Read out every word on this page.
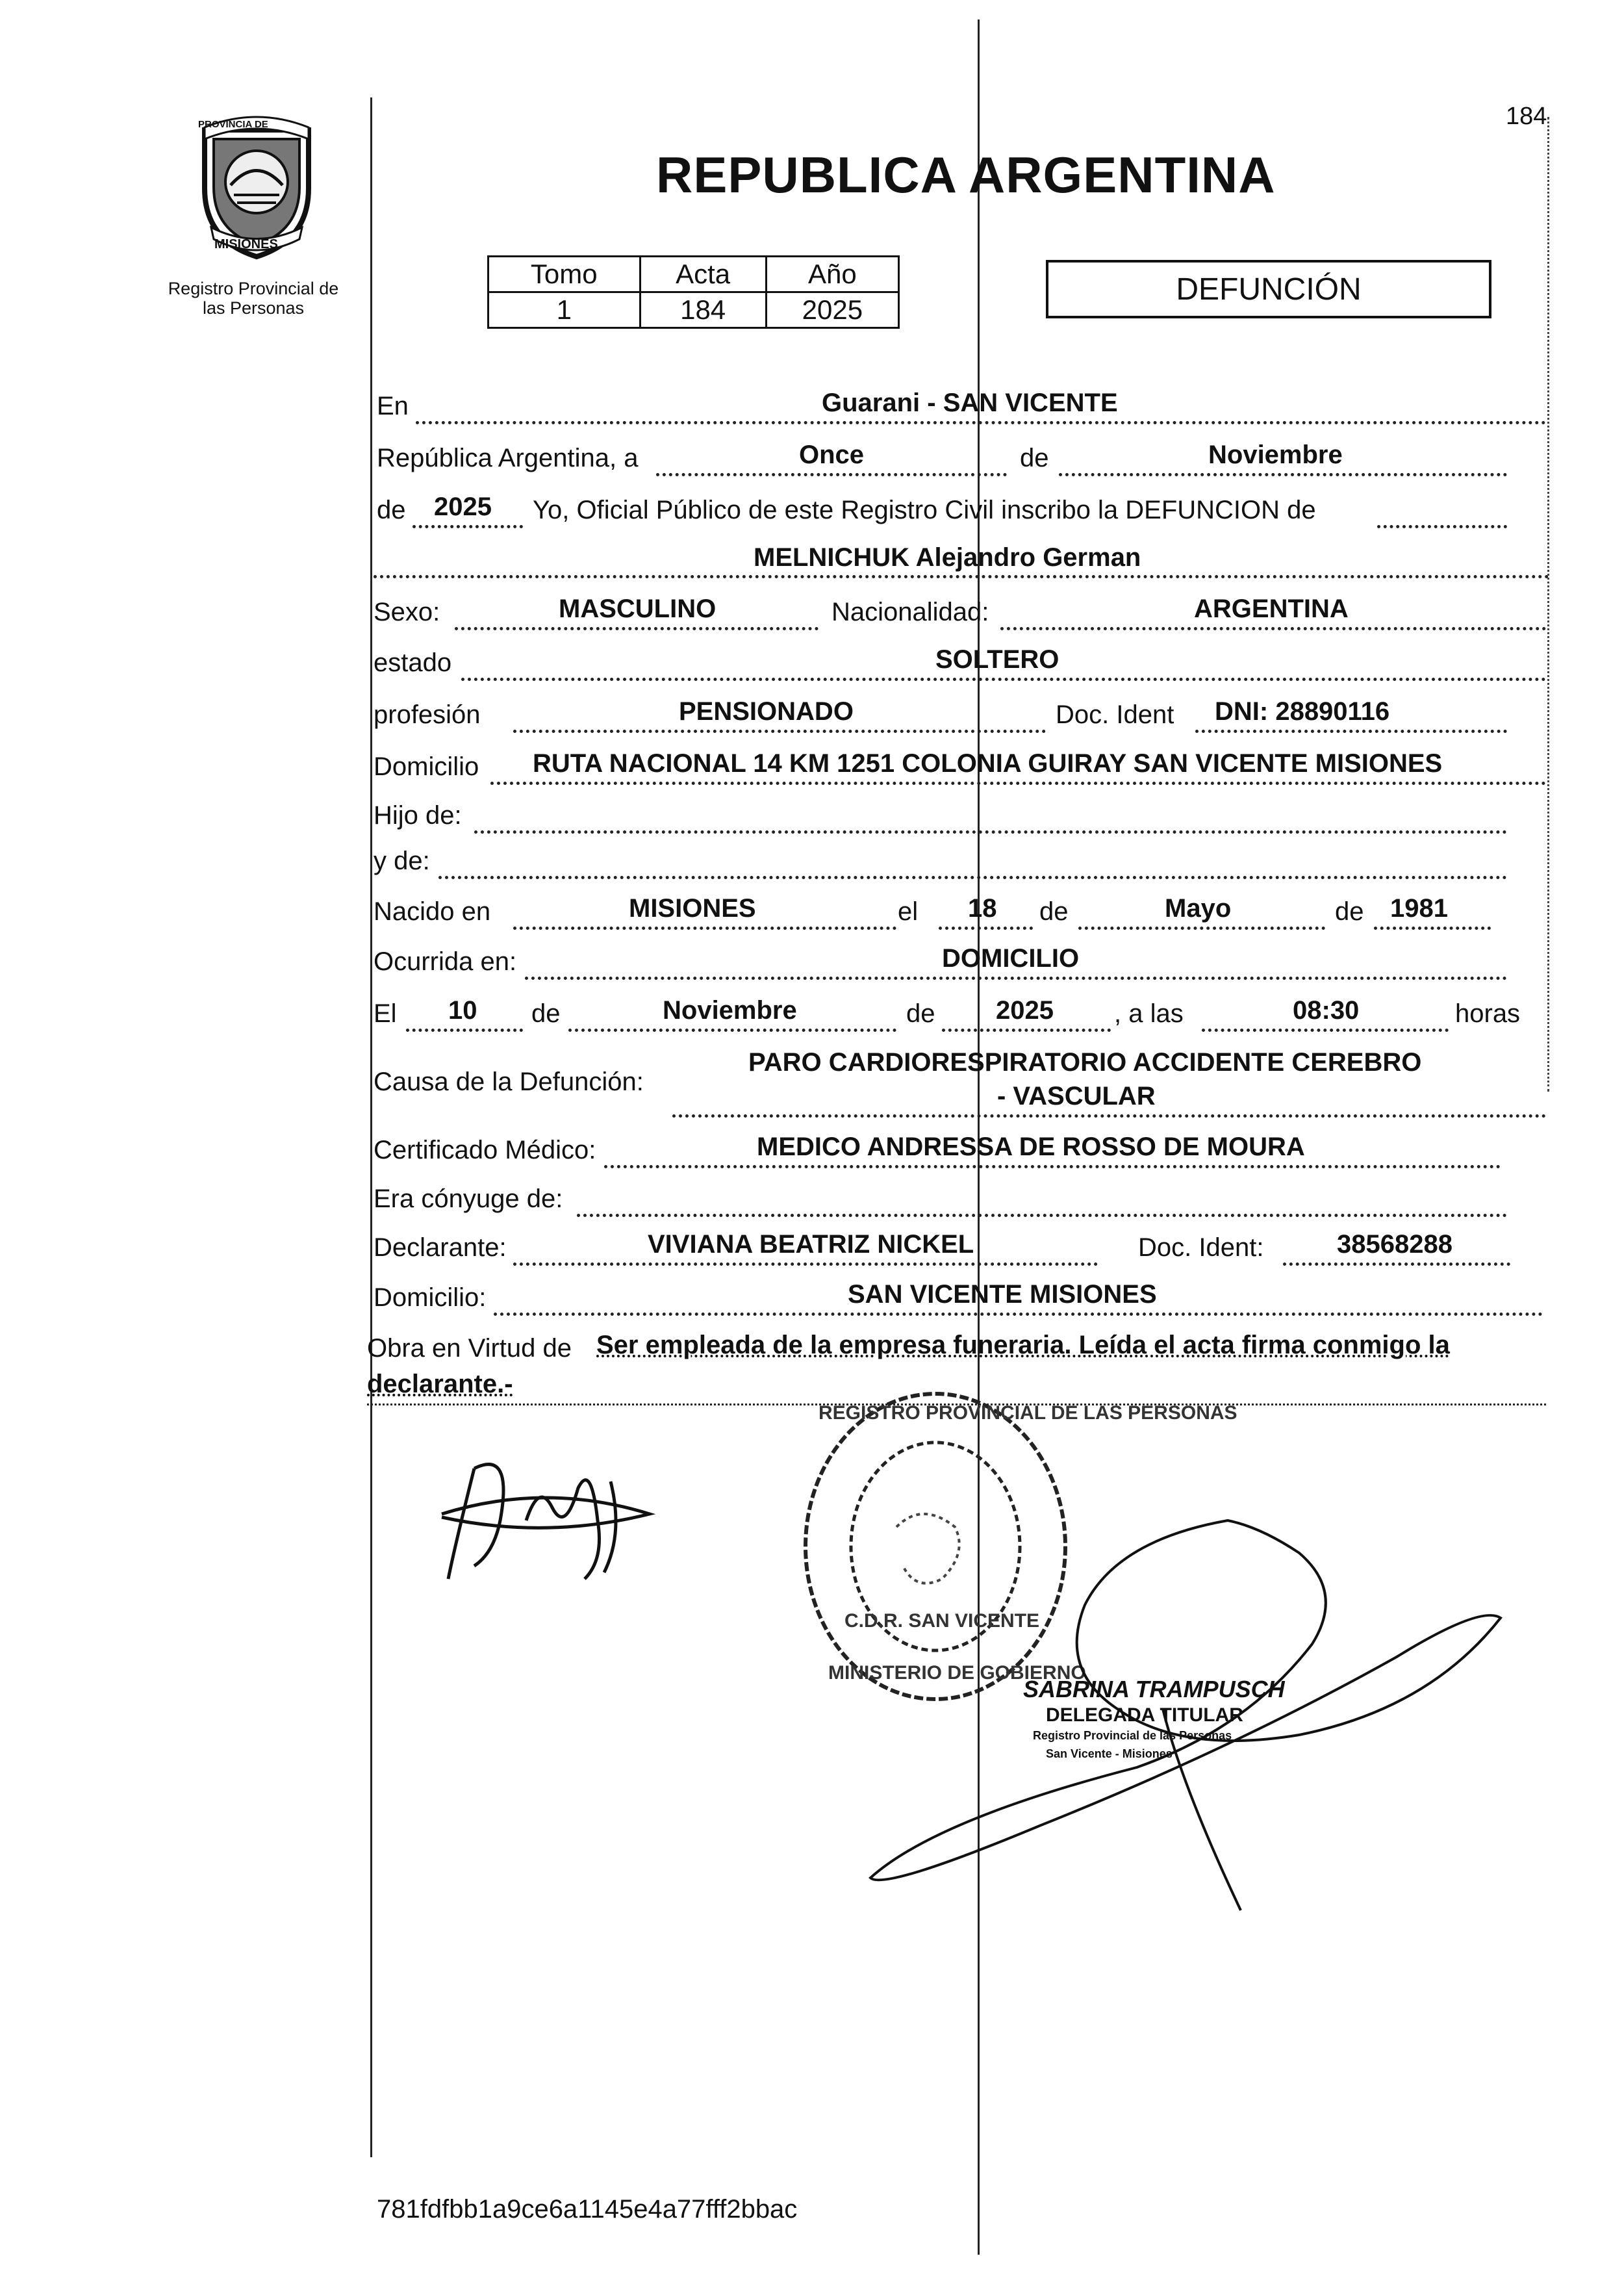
184
PROVINCIA DE
MISIONES
Registro Provincial de las Personas
REPUBLICA ARGENTINA
Tomo	Acta	Año
1	184	2025
DEFUNCIÓN
En	Guarani - SAN VICENTE
República Argentina, a	Once	de	Noviembre
de 2025 Yo, Oficial Público de este Registro Civil inscribo la DEFUNCION de
MELNICHUK Alejandro German
Sexo:	MASCULINO	Nacionalidad:	ARGENTINA
estado	SOLTERO
profesión	PENSIONADO	Doc. Ident DNI: 28890116
Domicilio RUTA NACIONAL 14 KM 1251 COLONIA GUIRAY SAN VICENTE MISIONES
Hijo de:
y de:
Nacido en	MISIONES	el 18 de	Mayo	de 1981
Ocurrida en:	DOMICILIO
El 10 de	Noviembre	de 2025 , a las	08:30	horas
Causa de la Defunción:
PARO CARDIORESPIRATORIO ACCIDENTE CEREBRO
- VASCULAR
Certificado Médico:	MEDICO ANDRESSA DE ROSSO DE MOURA
Era cónyuge de:
Declarante:	VIVIANA BEATRIZ NICKEL	Doc. Ident:	38568288
Domicilio:	SAN VICENTE MISIONES
Obra en Virtud de Ser empleada de la empresa funeraria. Leída el acta firma conmigo la
declarante.-
REGISTRO PROVINCIAL DE LAS PERSONAS
C.D.R. SAN VICENTE
MINISTERIO DE GOBIERNO
SABRINA TRAMPUSCH
DELEGADA TITULAR
Registro Provincial de las Personas
San Vicente - Misiones
781fdfbb1a9ce6a1145e4a77fff2bbac
